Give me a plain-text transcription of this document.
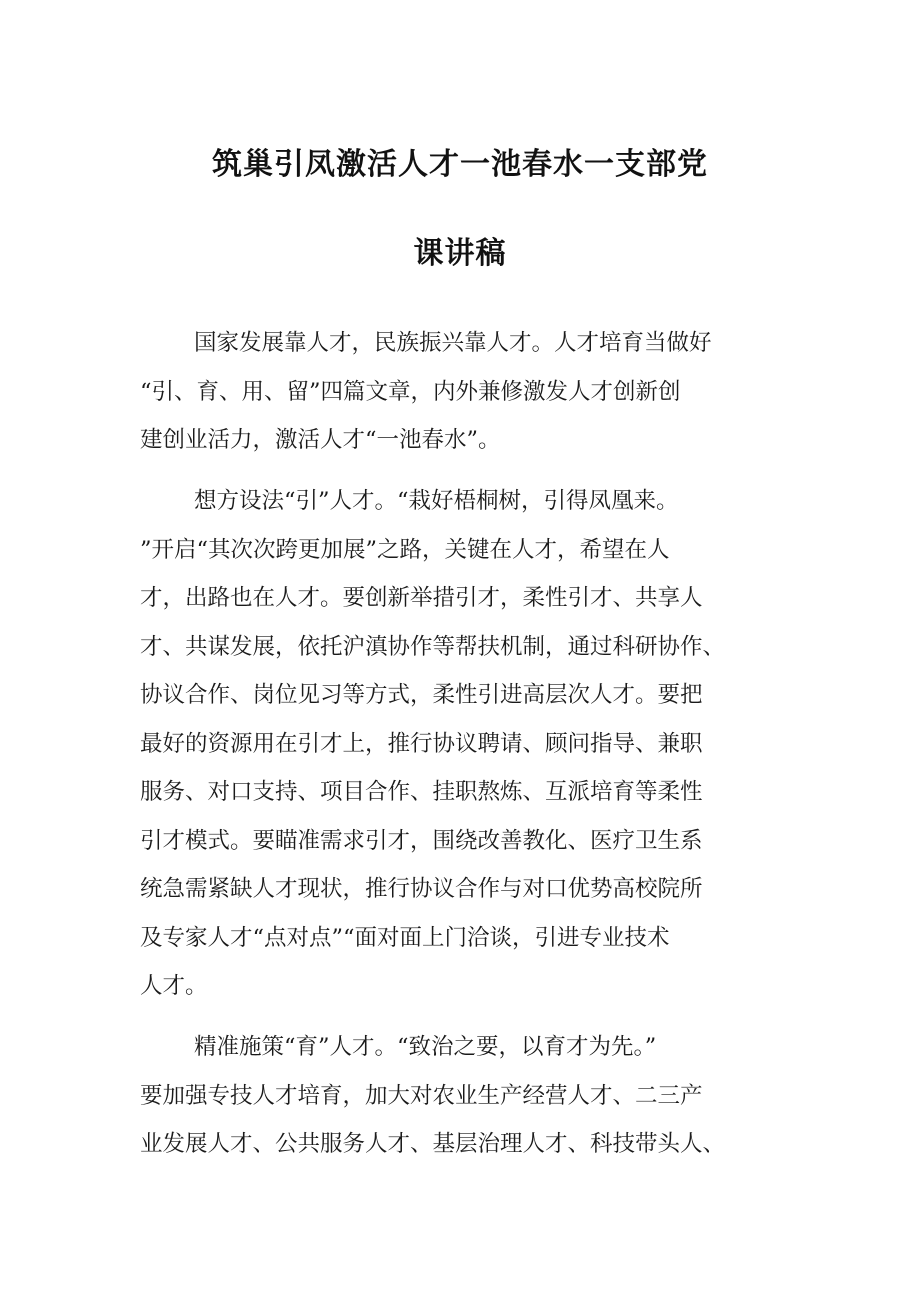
筑巢引凤激活人才一池春水一支部党
课讲稿
国家发展靠人才，民族振兴靠人才。人才培育当做好
“引、育、用、留”四篇文章，内外兼修激发人才创新创
建创业活力，激活人才“一池春水”。
想方设法“引”人才。“栽好梧桐树，引得凤凰来。
”开启“其次次跨更加展”之路，关键在人才，希望在人
才，出路也在人才。要创新举措引才，柔性引才、共享人
才、共谋发展，依托沪滇协作等帮扶机制，通过科研协作、
协议合作、岗位见习等方式，柔性引进高层次人才。要把
最好的资源用在引才上，推行协议聘请、顾问指导、兼职
服务、对口支持、项目合作、挂职熬炼、互派培育等柔性
引才模式。要瞄准需求引才，围绕改善教化、医疗卫生系
统急需紧缺人才现状，推行协议合作与对口优势高校院所
及专家人才“点对点”“面对面上门洽谈，引进专业技术
人才。
精准施策“育”人才。“致治之要，以育才为先。”
要加强专技人才培育，加大对农业生产经营人才、二三产
业发展人才、公共服务人才、基层治理人才、科技带头人、
